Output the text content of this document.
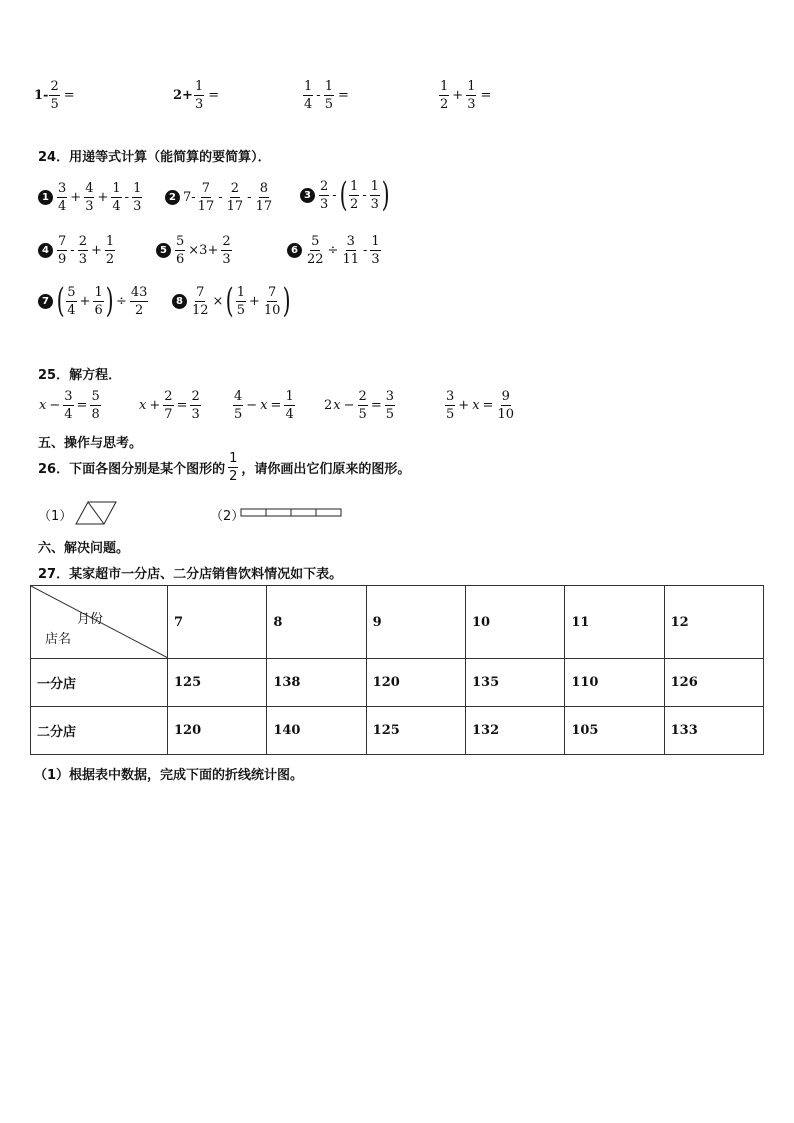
$1- \frac{2}{5}$ =	$2+ \frac{1}{3}$ =	$\frac{1}{4} - \frac{1}{5}$ =	$\frac{1}{2} + \frac{1}{3}$ =
24．用递等式计算（能简算的要简算）．
$1 \frac{3}{4} + \frac{4}{3} + \frac{1}{4} - \frac{1}{3}$	2 $7- \frac{7}{17} - \frac{2}{17} - \frac{8}{17}$	$3 \frac{2}{3}$ - ( $\frac{1}{2} - \frac{1}{3}$ )
$4 \frac{7}{9} - \frac{2}{3} + \frac{1}{2}$	$5 \frac{5}{6} \times 3+ \frac{2}{3}$	$6 \frac{5}{22} \div \frac{3}{11} - \frac{1}{3}$
7 ( $\frac{5}{4} + \frac{1}{6}$ ) ÷ $\frac{43}{2}$	$8 \frac{7}{12}$ × ( $\frac{1}{5} + \frac{7}{10}$ )
25．解方程．
$x - \frac{3}{4} = \frac{5}{8}$	$x + \frac{2}{7} = \frac{2}{3} \frac{4}{5} - x = \frac{1}{4} 2$ $x - \frac{2}{5} = \frac{3}{5}$	$\frac{3}{5} + x = \frac{9}{10}$
五、操作与思考。
26．下面各图分别是某个图形的 $\frac{1}{2}$ ，请你画出它们原来的图形。
（1）	（2）
六、解决问题。
27．某家超市一分店、二分店销售饮料情况如下表。
月份
店名	7	8	9	10	11	12
一分店	125	138	120	135	110	126
二分店	120	140	125	132	105	133
（1）根据表中数据，完成下面的折线统计图。
